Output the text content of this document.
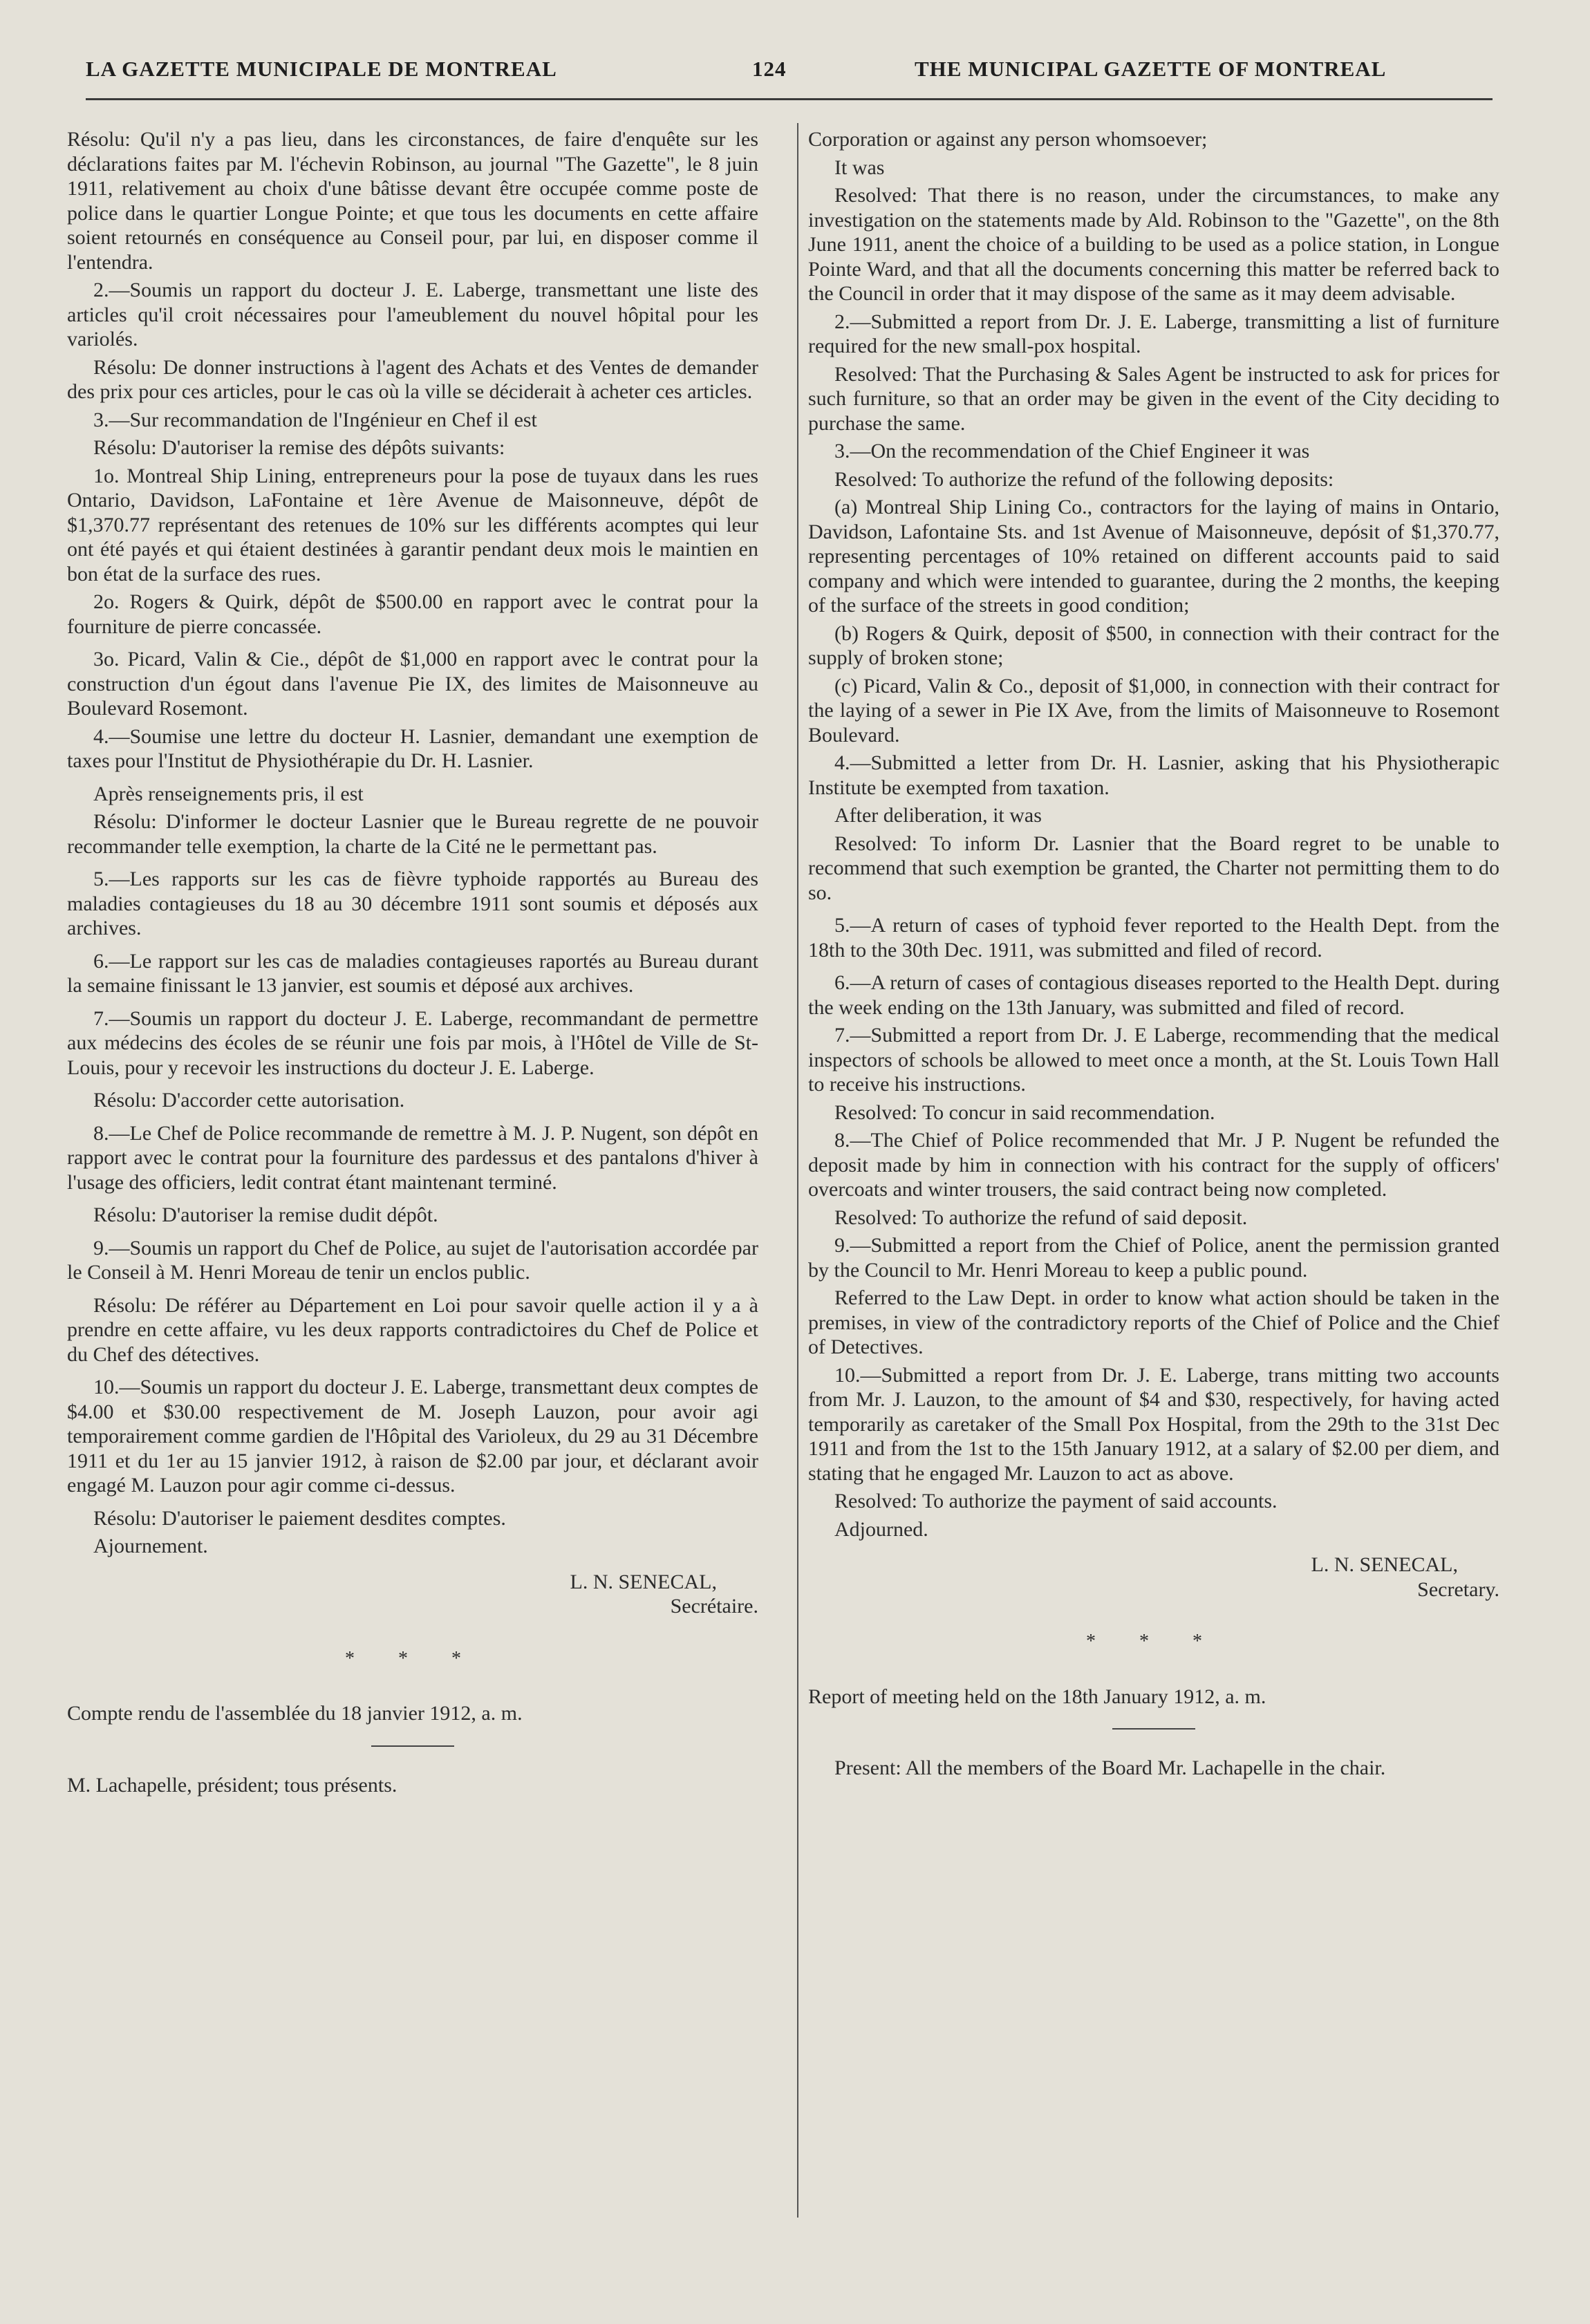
LA GAZETTE MUNICIPALE DE MONTREAL	124	THE MUNICIPAL GAZETTE OF MONTREAL

Résolu: Qu'il n'y a pas lieu, dans les circonstances, de faire d'enquête sur les déclarations faites par M. l'échevin Robinson, au journal "The Gazette", le 8 juin 1911, relativement au choix d'une bâtisse devant être occupée comme poste de police dans le quartier Longue Pointe; et que tous les documents en cette affaire soient retournés en conséquence au Conseil pour, par lui, en disposer comme il l'entendra.

2.—Soumis un rapport du docteur J. E. Laberge, transmettant une liste des articles qu'il croit nécessaires pour l'ameublement du nouvel hôpital pour les variolés.

Résolu: De donner instructions à l'agent des Achats et des Ventes de demander des prix pour ces articles, pour le cas où la ville se déciderait à acheter ces articles.

3.—Sur recommandation de l'Ingénieur en Chef il est

Résolu: D'autoriser la remise des dépôts suivants:

1o. Montreal Ship Lining, entrepreneurs pour la pose de tuyaux dans les rues Ontario, Davidson, LaFontaine et 1ère Avenue de Maisonneuve, dépôt de $1,370.77 représentant des retenues de 10% sur les différents acomptes qui leur ont été payés et qui étaient destinées à garantir pendant deux mois le maintien en bon état de la surface des rues.

2o. Rogers & Quirk, dépôt de $500.00 en rapport avec le contrat pour la fourniture de pierre concassée.

3o. Picard, Valin & Cie., dépôt de $1,000 en rapport avec le contrat pour la construction d'un égout dans l'avenue Pie IX, des limites de Maisonneuve au Boulevard Rosemont.

4.—Soumise une lettre du docteur H. Lasnier, demandant une exemption de taxes pour l'Institut de Physiothérapie du Dr. H. Lasnier.

Après renseignements pris, il est

Résolu: D'informer le docteur Lasnier que le Bureau regrette de ne pouvoir recommander telle exemption, la charte de la Cité ne le permettant pas.

5.—Les rapports sur les cas de fièvre typhoide rapportés au Bureau des maladies contagieuses du 18 au 30 décembre 1911 sont soumis et déposés aux archives.

6.—Le rapport sur les cas de maladies contagieuses raportés au Bureau durant la semaine finissant le 13 janvier, est soumis et déposé aux archives.

7.—Soumis un rapport du docteur J. E. Laberge, recommandant de permettre aux médecins des écoles de se réunir une fois par mois, à l'Hôtel de Ville de St-Louis, pour y recevoir les instructions du docteur J. E. Laberge.

Résolu: D'accorder cette autorisation.

8.—Le Chef de Police recommande de remettre à M. J. P. Nugent, son dépôt en rapport avec le contrat pour la fourniture des pardessus et des pantalons d'hiver à l'usage des officiers, ledit contrat étant maintenant terminé.

Résolu: D'autoriser la remise dudit dépôt.

9.—Soumis un rapport du Chef de Police, au sujet de l'autorisation accordée par le Conseil à M. Henri Moreau de tenir un enclos public.

Résolu: De référer au Département en Loi pour savoir quelle action il y a à prendre en cette affaire, vu les deux rapports contradictoires du Chef de Police et du Chef des détectives.

10.—Soumis un rapport du docteur J. E. Laberge, transmettant deux comptes de $4.00 et $30.00 respectivement de M. Joseph Lauzon, pour avoir agi temporairement comme gardien de l'Hôpital des Varioleux, du 29 au 31 Décembre 1911 et du 1er au 15 janvier 1912, à raison de $2.00 par jour, et déclarant avoir engagé M. Lauzon pour agir comme ci-dessus.

Résolu: D'autoriser le paiement desdites comptes.

Ajournement.

L. N. SENECAL,
Secrétaire.
* * *

Compte rendu de l'assemblée du 18 janvier 1912, a. m.

M. Lachapelle, président; tous présents.

Corporation or against any person whomsoever;

It was

Resolved: That there is no reason, under the circumstances, to make any investigation on the statements made by Ald. Robinson to the "Gazette", on the 8th June 1911, anent the choice of a building to be used as a police station, in Longue Pointe Ward, and that all the documents concerning this matter be referred back to the Council in order that it may dispose of the same as it may deem advisable.

2.—Submitted a report from Dr. J. E. Laberge, transmitting a list of furniture required for the new small-pox hospital.

Resolved: That the Purchasing & Sales Agent be instructed to ask for prices for such furniture, so that an order may be given in the event of the City deciding to purchase the same.

3.—On the recommendation of the Chief Engineer it was

Resolved: To authorize the refund of the following deposits:

(a) Montreal Ship Lining Co., contractors for the laying of mains in Ontario, Davidson, Lafontaine Sts. and 1st Avenue of Maisonneuve, depósit of $1,370.77, representing percentages of 10% retained on different accounts paid to said company and which were intended to guarantee, during the 2 months, the keeping of the surface of the streets in good condition;

(b) Rogers & Quirk, deposit of $500, in connection with their contract for the supply of broken stone;

(c) Picard, Valin & Co., deposit of $1,000, in connection with their contract for the laying of a sewer in Pie IX Ave, from the limits of Maisonneuve to Rosemont Boulevard.

4.—Submitted a letter from Dr. H. Lasnier, asking that his Physiotherapic Institute be exempted from taxation.

After deliberation, it was

Resolved: To inform Dr. Lasnier that the Board regret to be unable to recommend that such exemption be granted, the Charter not permitting them to do so.

5.—A return of cases of typhoid fever reported to the Health Dept. from the 18th to the 30th Dec. 1911, was submitted and filed of record.

6.—A return of cases of contagious diseases reported to the Health Dept. during the week ending on the 13th January, was submitted and filed of record.

7.—Submitted a report from Dr. J. E Laberge, recommending that the medical inspectors of schools be allowed to meet once a month, at the St. Louis Town Hall to receive his instructions.

Resolved: To concur in said recommendation.

8.—The Chief of Police recommended that Mr. J P. Nugent be refunded the deposit made by him in connection with his contract for the supply of officers' overcoats and winter trousers, the said contract being now completed.

Resolved: To authorize the refund of said deposit.

9.—Submitted a report from the Chief of Police, anent the permission granted by the Council to Mr. Henri Moreau to keep a public pound.

Referred to the Law Dept. in order to know what action should be taken in the premises, in view of the contradictory reports of the Chief of Police and the Chief of Detectives.

10.—Submitted a report from Dr. J. E. Laberge, trans mitting two accounts from Mr. J. Lauzon, to the amount of $4 and $30, respectively, for having acted temporarily as caretaker of the Small Pox Hospital, from the 29th to the 31st Dec 1911 and from the 1st to the 15th January 1912, at a salary of $2.00 per diem, and stating that he engaged Mr. Lauzon to act as above.

Resolved: To authorize the payment of said accounts.

Adjourned.

L. N. SENECAL,
Secretary.
* * *

Report of meeting held on the 18th January 1912, a. m.

Present: All the members of the Board Mr. Lachapelle in the chair.
